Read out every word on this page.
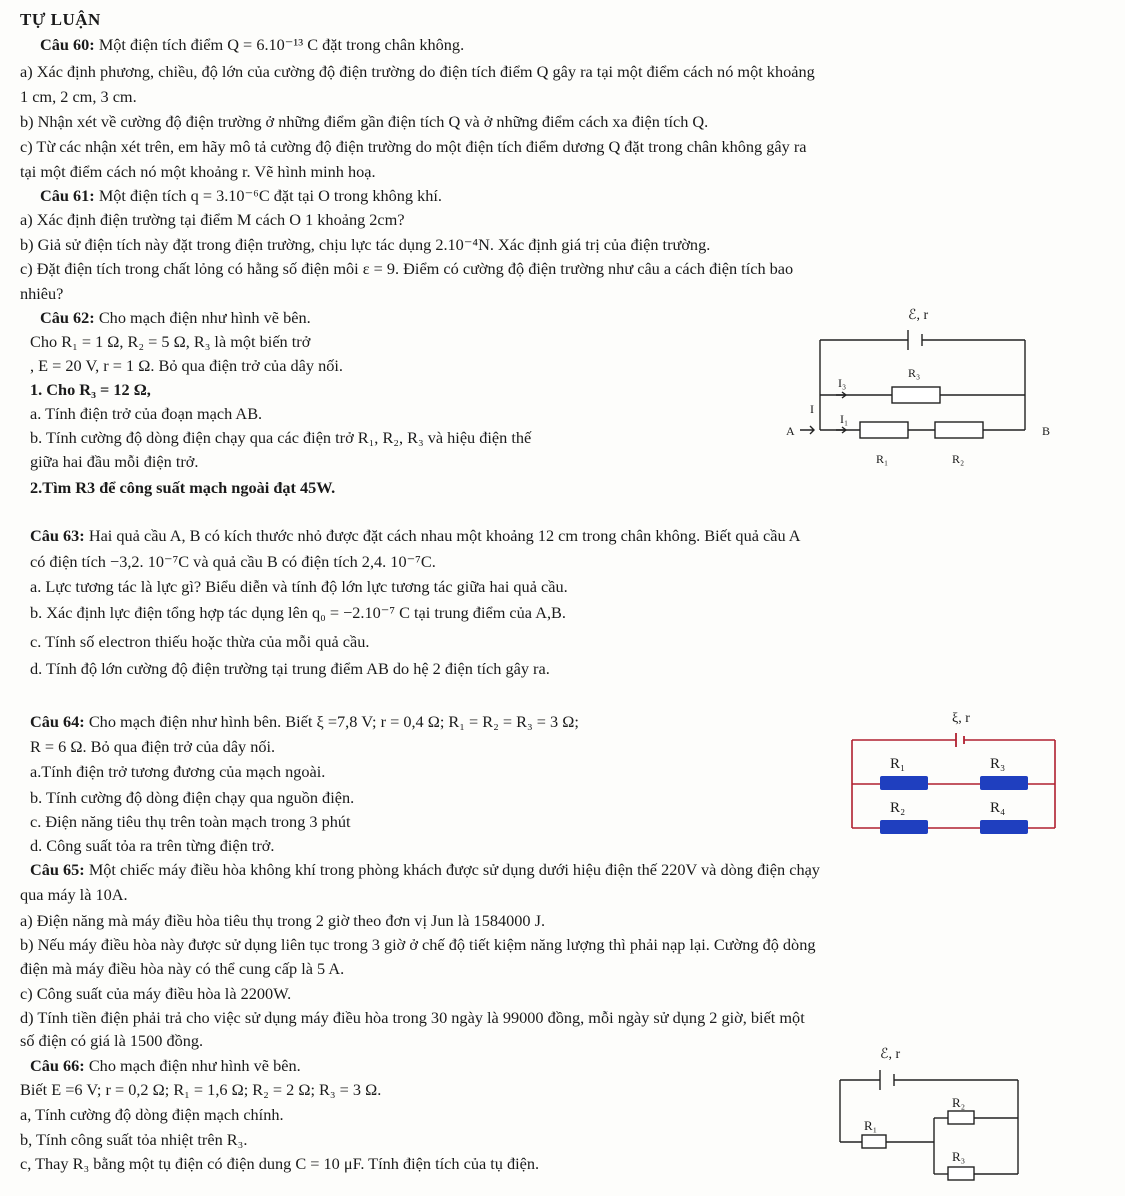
TỰ LUẬN
Câu 60: Một điện tích điểm Q = 6.10⁻¹³ C đặt trong chân không.
a) Xác định phương, chiều, độ lớn của cường độ điện trường do điện tích điểm Q gây ra tại một điểm cách nó một khoảng
1 cm, 2 cm, 3 cm.
b) Nhận xét về cường độ điện trường ở những điểm gần điện tích Q và ở những điểm cách xa điện tích Q.
c) Từ các nhận xét trên, em hãy mô tả cường độ điện trường do một điện tích điểm dương Q đặt trong chân không gây ra
tại một điểm cách nó một khoảng r. Vẽ hình minh hoạ.
Câu 61: Một điện tích q = 3.10⁻⁶C đặt tại O trong không khí.
a) Xác định điện trường tại điểm M cách O 1 khoảng 2cm?
b) Giả sử điện tích này đặt trong điện trường, chịu lực tác dụng 2.10⁻⁴N. Xác định giá trị của điện trường.
c) Đặt điện tích trong chất lỏng có hằng số điện môi ε = 9. Điểm có cường độ điện trường như câu a cách điện tích bao
nhiêu?
Câu 62: Cho mạch điện như hình vẽ bên.
Cho R₁ = 1 Ω, R₂ = 5 Ω, R₃ là một biến trở
, E = 20 V, r = 1 Ω. Bỏ qua điện trở của dây nối.
1. Cho R₃ = 12 Ω,
a. Tính điện trở của đoạn mạch AB.
b. Tính cường độ dòng điện chạy qua các điện trở R₁, R₂, R₃ và hiệu điện thế
giữa hai đầu mỗi điện trở.
2.Tìm R3 để công suất mạch ngoài đạt 45W.
ℰ, r
R₃
I₃
I
I₁
A	B
R₁	R₂
Câu 63: Hai quả cầu A, B có kích thước nhỏ được đặt cách nhau một khoảng 12 cm trong chân không. Biết quả cầu A
có điện tích −3,2. 10⁻⁷C và quả cầu B có điện tích 2,4. 10⁻⁷C.
a. Lực tương tác là lực gì? Biểu diễn và tính độ lớn lực tương tác giữa hai quả cầu.
b. Xác định lực điện tổng hợp tác dụng lên q₀ = −2.10⁻⁷ C tại trung điểm của A,B.
c. Tính số electron thiếu hoặc thừa của mỗi quả cầu.
d. Tính độ lớn cường độ điện trường tại trung điểm AB do hệ 2 điện tích gây ra.
Câu 64: Cho mạch điện như hình bên. Biết ξ =7,8 V; r = 0,4 Ω; R₁ = R₂ = R₃ = 3 Ω;
R = 6 Ω. Bỏ qua điện trở của dây nối.
a.Tính điện trở tương đương của mạch ngoài.
b. Tính cường độ dòng điện chạy qua nguồn điện.
c. Điện năng tiêu thụ trên toàn mạch trong 3 phút
d. Công suất tỏa ra trên từng điện trở.
ξ, r
R₁	R₃
R₂	R₄
Câu 65: Một chiếc máy điều hòa không khí trong phòng khách được sử dụng dưới hiệu điện thế 220V và dòng điện chạy
qua máy là 10A.
a) Điện năng mà máy điều hòa tiêu thụ trong 2 giờ theo đơn vị Jun là 1584000 J.
b) Nếu máy điều hòa này được sử dụng liên tục trong 3 giờ ở chế độ tiết kiệm năng lượng thì phải nạp lại. Cường độ dòng
điện mà máy điều hòa này có thể cung cấp là 5 A.
c) Công suất của máy điều hòa là 2200W.
d) Tính tiền điện phải trả cho việc sử dụng máy điều hòa trong 30 ngày là 99000 đồng, mỗi ngày sử dụng 2 giờ, biết một
số điện có giá là 1500 đồng.
Câu 66: Cho mạch điện như hình vẽ bên.
Biết E =6 V; r = 0,2 Ω; R₁ = 1,6 Ω; R₂ = 2 Ω; R₃ = 3 Ω.
a, Tính cường độ dòng điện mạch chính.
b, Tính công suất tỏa nhiệt trên R₃.
c, Thay R₃ bằng một tụ điện có điện dung C = 10 μF. Tính điện tích của tụ điện.
ℰ, r
R₁
R₂
R₃
